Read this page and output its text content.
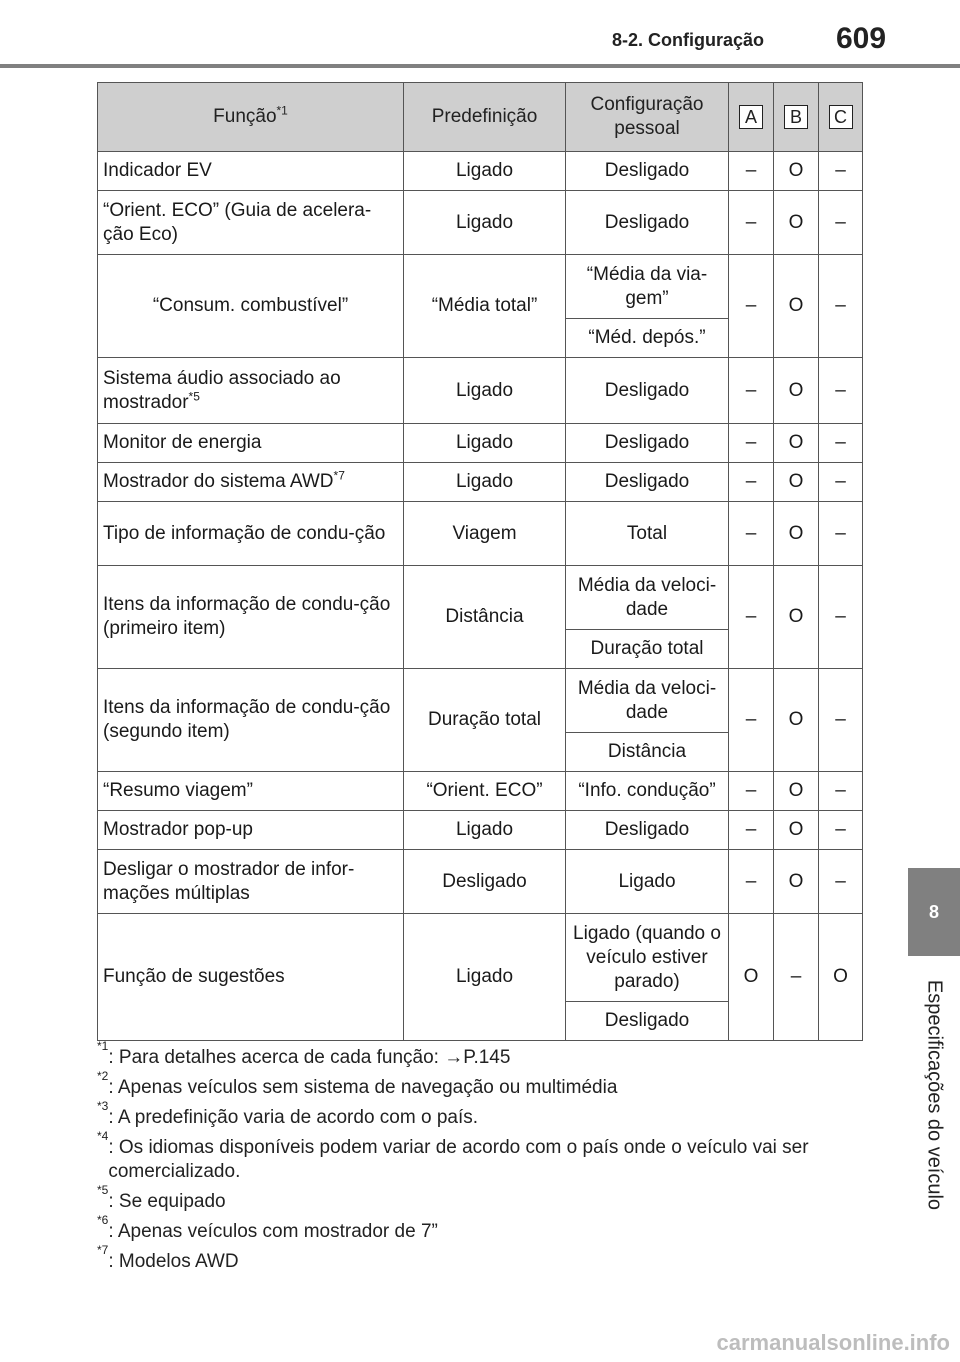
8-2. Configuração 609
8
Especificações do veículo
Função$^{*1}$	Predefinição	Configuração pessoal	A	B	C
Indicador EV	Ligado	Desligado	–	O	–
“Orient. ECO” (Guia de acelera-ção Eco)	Ligado	Desligado	–	O	–
“Consum. combustível”	“Média total”	“Média da via-gem”	–	O	–
		“Méd. depós.”			
Sistema áudio associado ao mostrador$^{*5}$	Ligado	Desligado	–	O	–
Monitor de energia	Ligado	Desligado	–	O	–
Mostrador do sistema AWD$^{*7}$	Ligado	Desligado	–	O	–
Tipo de informação de condu-ção	Viagem	Total	–	O	–
Itens da informação de condu-ção (primeiro item)	Distância	Média da veloci-dade	–	O	–
		Duração total			
Itens da informação de condu-ção (segundo item)	Duração total	Média da veloci-dade	–	O	–
		Distância			
“Resumo viagem”	“Orient. ECO”	“Info. condução”	–	O	–
Mostrador pop-up	Ligado	Desligado	–	O	–
Desligar o mostrador de infor-mações múltiplas	Desligado	Ligado	–	O	–
Função de sugestões	Ligado	Ligado (quando o veículo estiver parado)	O	–	O
		Desligado			
*1
: Para detalhes acerca de cada função: →P.145
*2
: Apenas veículos sem sistema de navegação ou multimédia
*3
: A predefinição varia de acordo com o país.
*4
: Os idiomas disponíveis podem variar de acordo com o país onde o veículo vai ser comercializado.
*5
: Se equipado
*6
: Apenas veículos com mostrador de 7”
*7
: Modelos AWD
carmanualsonline.info
